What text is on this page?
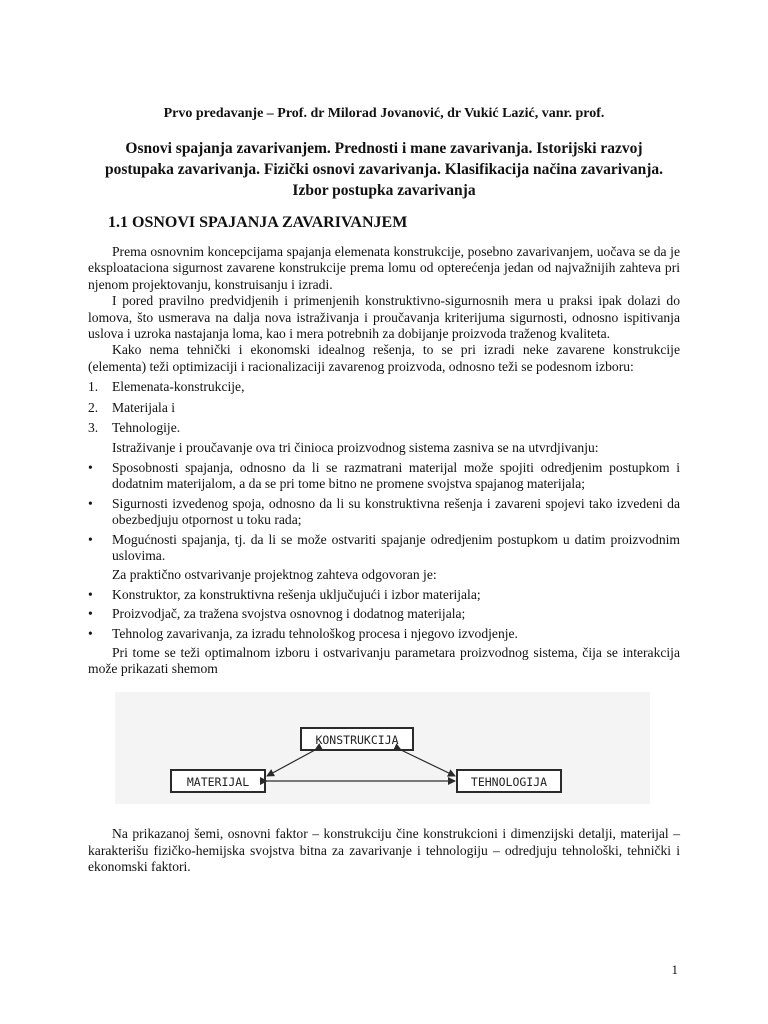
Prvo predavanje – Prof. dr Milorad Jovanović, dr Vukić Lazić, vanr. prof.
Osnovi spajanja zavarivanjem. Prednosti i mane zavarivanja. Istorijski razvoj
postupaka zavarivanja. Fizički osnovi zavarivanja. Klasifikacija načina zavarivanja.
Izbor postupka zavarivanja
1.1 OSNOVI SPAJANJA ZAVARIVANJEM

Prema osnovnim koncepcijama spajanja elemenata konstrukcije, posebno zavarivanjem, uočava se da je eksploataciona sigurnost zavarene konstrukcije prema lomu od opterećenja jedan od najvažnijih zahteva pri njenom projektovanju, konstruisanju i izradi.

I pored pravilno predvidjenih i primenjenih konstruktivno-sigurnosnih mera u praksi ipak dolazi do lomova, što usmerava na dalja nova istraživanja i proučavanja kriterijuma sigurnosti, odnosno ispitivanja uslova i uzroka nastajanja loma, kao i mera potrebnih za dobijanje proizvoda traženog kvaliteta.

Kako nema tehnički i ekonomski idealnog rešenja, to se pri izradi neke zavarene konstrukcije (elementa) teži optimizaciji i racionalizaciji zavarenog proizvoda, odnosno teži se podesnom izboru:

1.	Elemenata-konstrukcije,
2.	Materijala i
3.	Tehnologije.

Istraživanje i proučavanje ova tri činioca proizvodnog sistema zasniva se na utvrdjivanju:

•	Sposobnosti spajanja, odnosno da li se razmatrani materijal može spojiti odredjenim postupkom i dodatnim materijalom, a da se pri tome bitno ne promene svojstva spajanog materijala;
•	Sigurnosti izvedenog spoja, odnosno da li su konstruktivna rešenja i zavareni spojevi tako izvedeni da obezbedjuju otpornost u toku rada;
•	Mogućnosti spajanja, tj. da li se može ostvariti spajanje odredjenim postupkom u datim proizvodnim uslovima.

Za praktično ostvarivanje projektnog zahteva odgovoran je:

•	Konstruktor, za konstruktivna rešenja uključujući i izbor materijala;
•	Proizvodjač, za tražena svojstva osnovnog i dodatnog materijala;
•	Tehnolog zavarivanja, za izradu tehnološkog procesa i njegovo izvodjenje.

Pri tome se teži optimalnom izboru i ostvarivanju parametara proizvodnog sistema, čija se interakcija može prikazati shemom

KONSTRUKCIJA
MATERIJAL	TEHNOLOGIJA

Na prikazanoj šemi, osnovni faktor – konstrukciju čine konstrukcioni i dimenzijski detalji, materijal – karakterišu fizičko-hemijska svojstva bitna za zavarivanje i tehnologiju – odredjuju tehnološki, tehnički i ekonomski faktori.

1
